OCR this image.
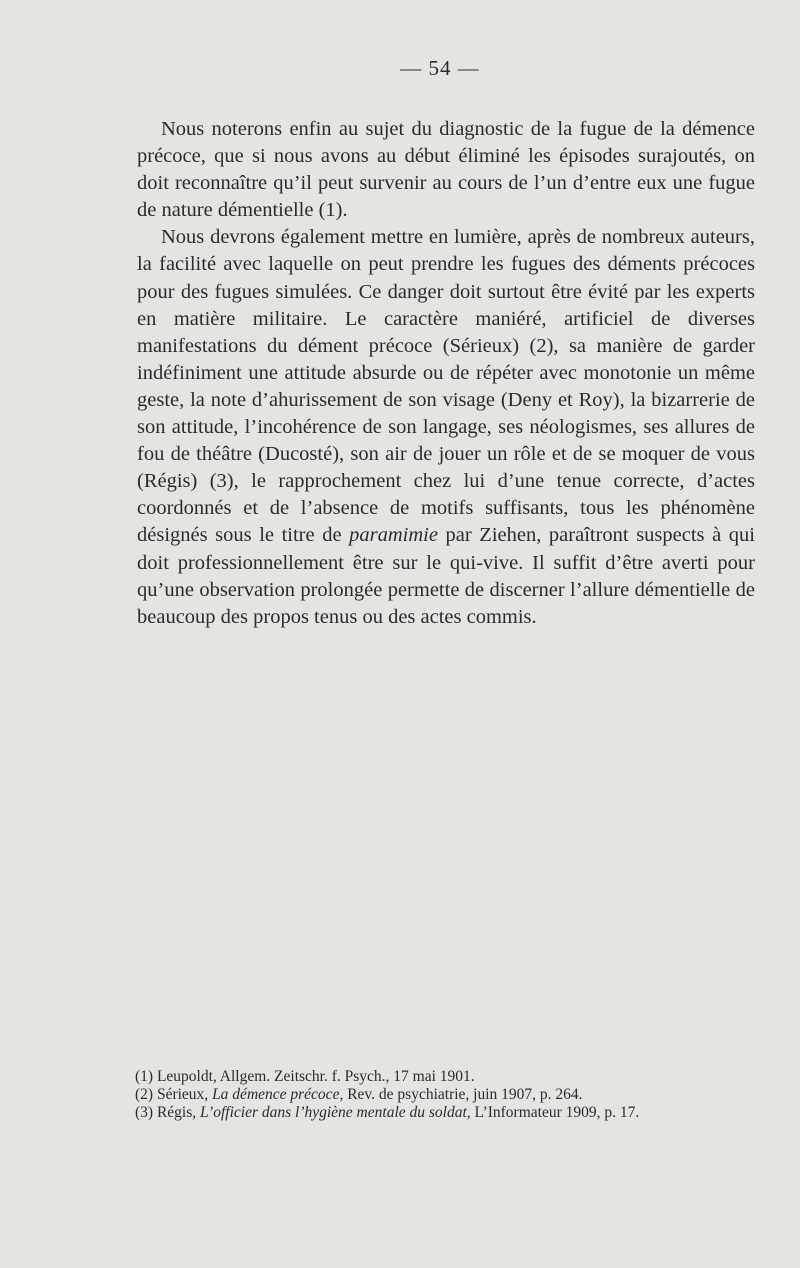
— 54 —

Nous noterons enfin au sujet du diagnostic de la fugue de la démence précoce, que si nous avons au début éliminé les épisodes surajoutés, on doit reconnaître qu’il peut survenir au cours de l’un d’entre eux une fugue de nature démentielle (1).

Nous devrons également mettre en lumière, après de nombreux auteurs, la facilité avec laquelle on peut prendre les fugues des déments précoces pour des fugues simulées. Ce danger doit surtout être évité par les experts en matière militaire. Le caractère maniéré, artificiel de diverses manifestations du dément précoce (Sérieux) (2), sa manière de garder indéfiniment une attitude absurde ou de répéter avec monotonie un même geste, la note d’ahurissement de son visage (Deny et Roy), la bizarrerie de son attitude, l’incohérence de son langage, ses néologismes, ses allures de fou de théâtre (Ducosté), son air de jouer un rôle et de se moquer de vous (Régis) (3), le rapprochement chez lui d’une tenue correcte, d’actes coordonnés et de l’absence de motifs suffisants, tous les phénomène désignés sous le titre de paramimie par Ziehen, paraîtront suspects à qui doit professionnellement être sur le qui-vive. Il suffit d’être averti pour qu’une observation prolongée permette de discerner l’allure démentielle de beaucoup des propos tenus ou des actes commis.

(1) Leupoldt, Allgem. Zeitschr. f. Psych., 17 mai 1901.

(2) Sérieux, La démence précoce, Rev. de psychiatrie, juin 1907, p. 264.

(3) Régis, L’officier dans l’hygiène mentale du soldat, L’Informateur 1909, p. 17.
